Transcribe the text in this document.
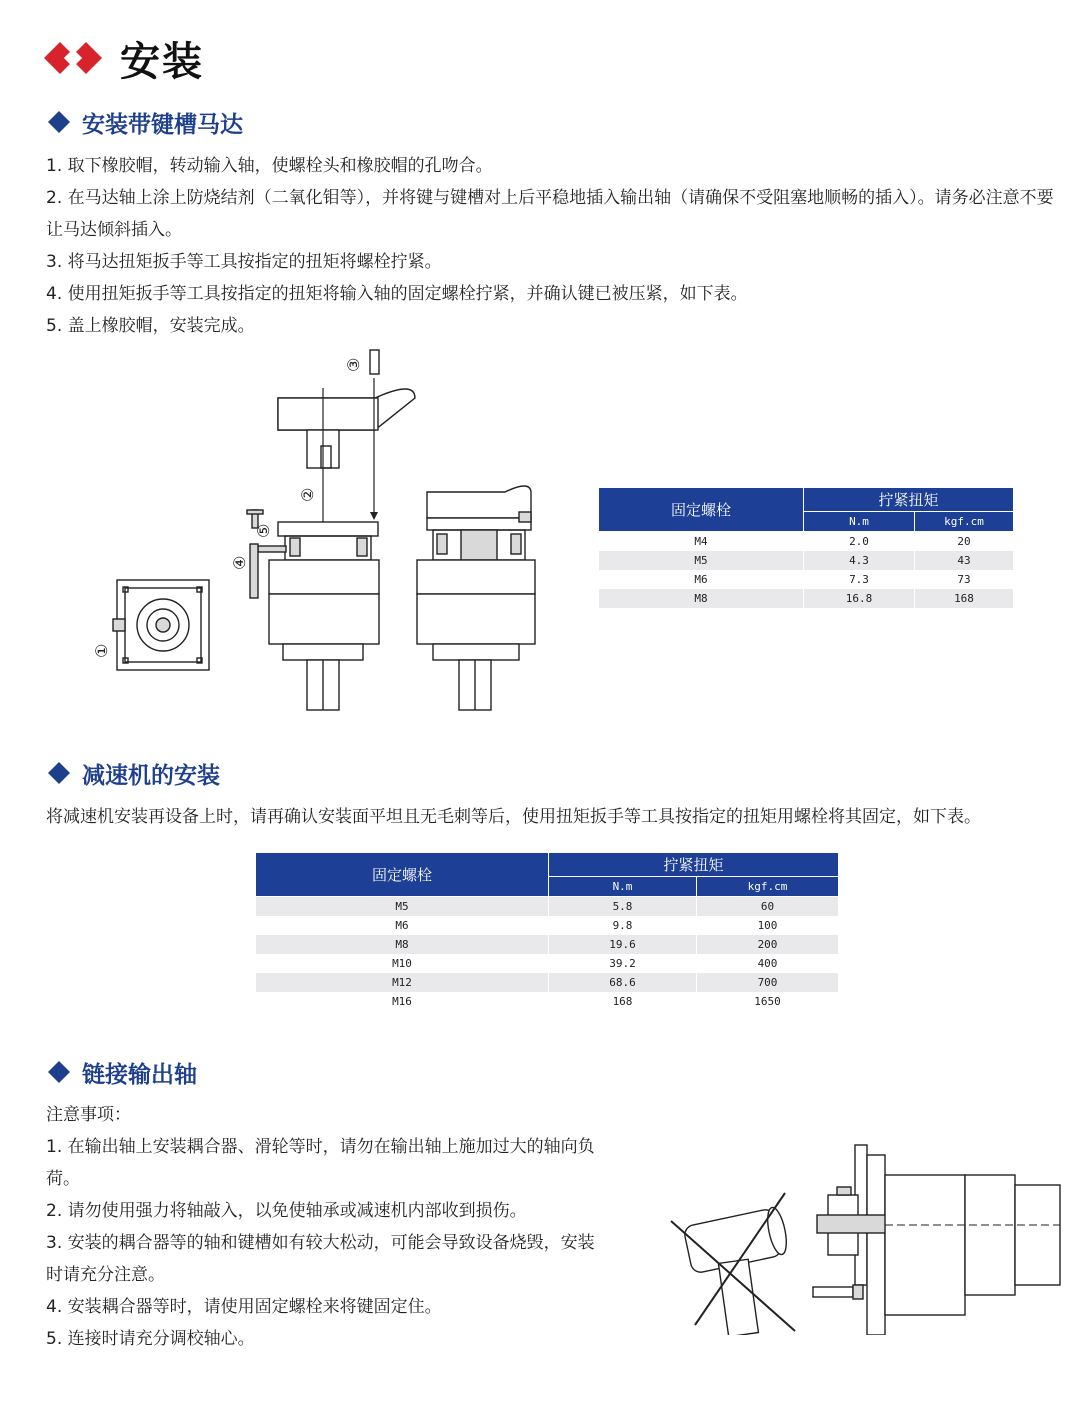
安装
安装带键槽马达
1. 取下橡胶帽，转动输入轴，使螺栓头和橡胶帽的孔吻合。
2. 在马达轴上涂上防烧结剂（二氧化钼等），并将键与键槽对上后平稳地插入输出轴（请确保不受阻塞地顺畅的插入）。请务必注意不要让马达倾斜插入。
3. 将马达扭矩扳手等工具按指定的扭矩将螺栓拧紧。
4. 使用扭矩扳手等工具按指定的扭矩将输入轴的固定螺栓拧紧，并确认键已被压紧，如下表。
5. 盖上橡胶帽，安装完成。
①
③
②
⑤
④
固定螺栓	拧紧扭矩	
	N.m	kgf.cm
M4	2.0	20
M5	4.3	43
M6	7.3	73
M8	16.8	168
减速机的安装
将减速机安装再设备上时，请再确认安装面平坦且无毛刺等后，使用扭矩扳手等工具按指定的扭矩用螺栓将其固定，如下表。
固定螺栓	拧紧扭矩	
	N.m	kgf.cm
M5	5.8	60
M6	9.8	100
M8	19.6	200
M10	39.2	400
M12	68.6	700
M16	168	1650
链接输出轴
注意事项：
1. 在输出轴上安装耦合器、滑轮等时，请勿在输出轴上施加过大的轴向负荷。
2. 请勿使用强力将轴敲入，以免使轴承或减速机内部收到损伤。
3. 安装的耦合器等的轴和键槽如有较大松动，可能会导致设备烧毁，安装时请充分注意。
4. 安装耦合器等时，请使用固定螺栓来将键固定住。
5. 连接时请充分调校轴心。
